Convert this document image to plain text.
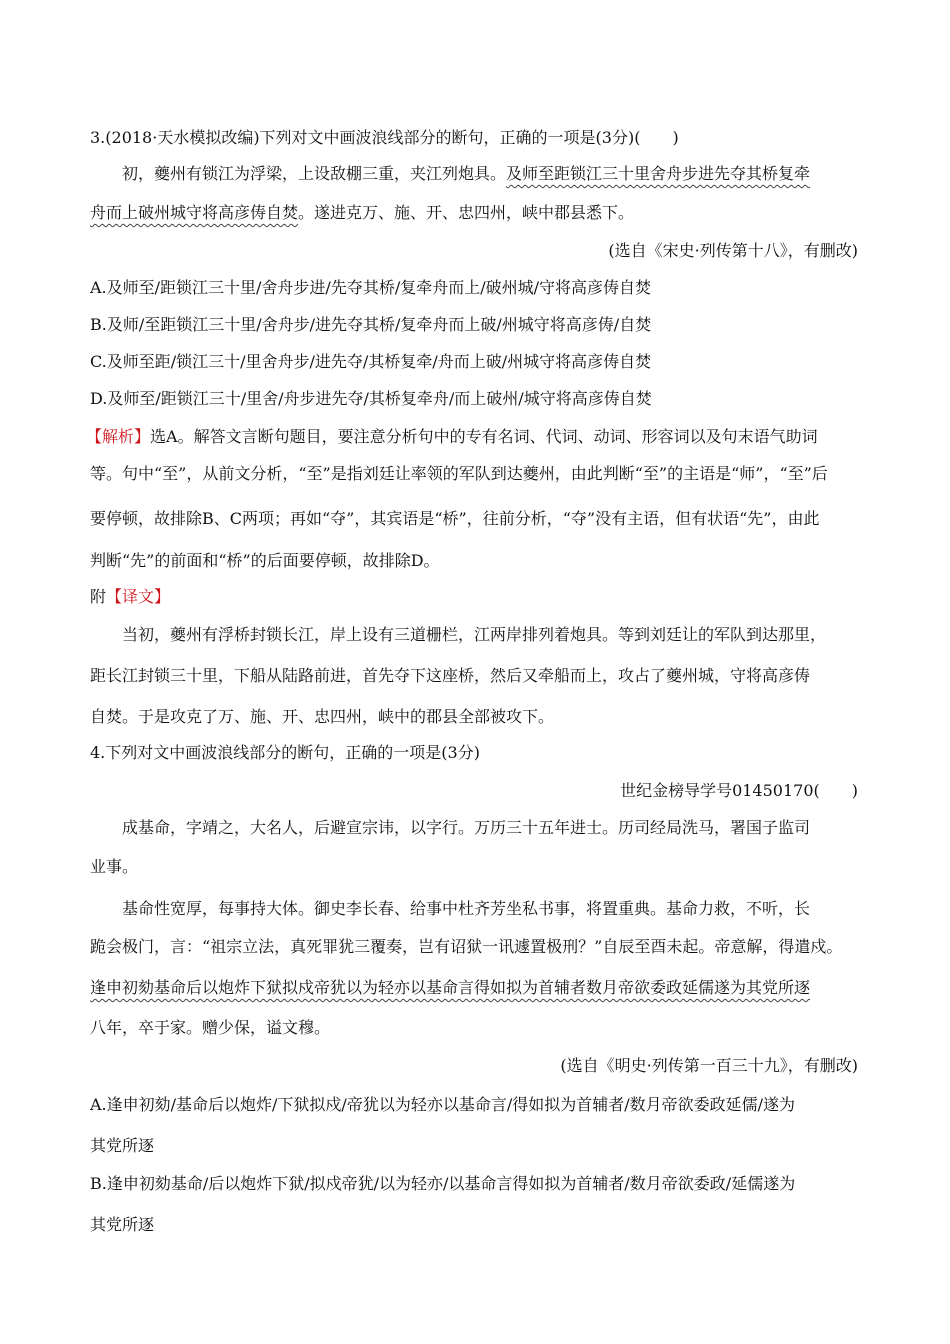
3.(2018·天水模拟改编)下列对文中画波浪线部分的断句，正确的一项是(3分)(　　)
初，夔州有锁江为浮梁，上设敌棚三重，夹江列炮具。及师至距锁江三十里舍舟步进先夺其桥复牵
舟而上破州城守将高彦俦自焚。遂进克万、施、开、忠四州，峡中郡县悉下。
(选自《宋史·列传第十八》，有删改)
A.及师至/距锁江三十里/舍舟步进/先夺其桥/复牵舟而上/破州城/守将高彦俦自焚
B.及师/至距锁江三十里/舍舟步/进先夺其桥/复牵舟而上破/州城守将高彦俦/自焚
C.及师至距/锁江三十/里舍舟步/进先夺/其桥复牵/舟而上破/州城守将高彦俦自焚
D.及师至/距锁江三十/里舍/舟步进先夺/其桥复牵舟/而上破州/城守将高彦俦自焚
【解析】选A。解答文言断句题目，要注意分析句中的专有名词、代词、动词、形容词以及句末语气助词
等。句中“至”，从前文分析，“至”是指刘廷让率领的军队到达夔州，由此判断“至”的主语是“师”，“至”后
要停顿，故排除B、C两项；再如“夺”，其宾语是“桥”，往前分析，“夺”没有主语，但有状语“先”，由此
判断“先”的前面和“桥”的后面要停顿，故排除D。
附【译文】
当初，夔州有浮桥封锁长江，岸上设有三道栅栏，江两岸排列着炮具。等到刘廷让的军队到达那里，
距长江封锁三十里，下船从陆路前进，首先夺下这座桥，然后又牵船而上，攻占了夔州城，守将高彦俦
自焚。于是攻克了万、施、开、忠四州，峡中的郡县全部被攻下。
4.下列对文中画波浪线部分的断句，正确的一项是(3分)
世纪金榜导学号01450170(　　)
成基命，字靖之，大名人，后避宣宗讳，以字行。万历三十五年进士。历司经局洗马，署国子监司
业事。
基命性宽厚，每事持大体。御史李长春、给事中杜齐芳坐私书事，将置重典。基命力救，不听，长
跪会极门，言：“祖宗立法，真死罪犹三覆奏，岂有诏狱一讯遽置极刑？”自辰至酉未起。帝意解，得遣戍。
逢申初劾基命后以炮炸下狱拟戍帝犹以为轻亦以基命言得如拟为首辅者数月帝欲委政延儒遂为其党所逐
八年，卒于家。赠少保，谥文穆。
(选自《明史·列传第一百三十九》，有删改)
A.逢申初劾/基命后以炮炸/下狱拟戍/帝犹以为轻亦以基命言/得如拟为首辅者/数月帝欲委政延儒/遂为
其党所逐
B.逢申初劾基命/后以炮炸下狱/拟戍帝犹/以为轻亦/以基命言得如拟为首辅者/数月帝欲委政/延儒遂为
其党所逐
